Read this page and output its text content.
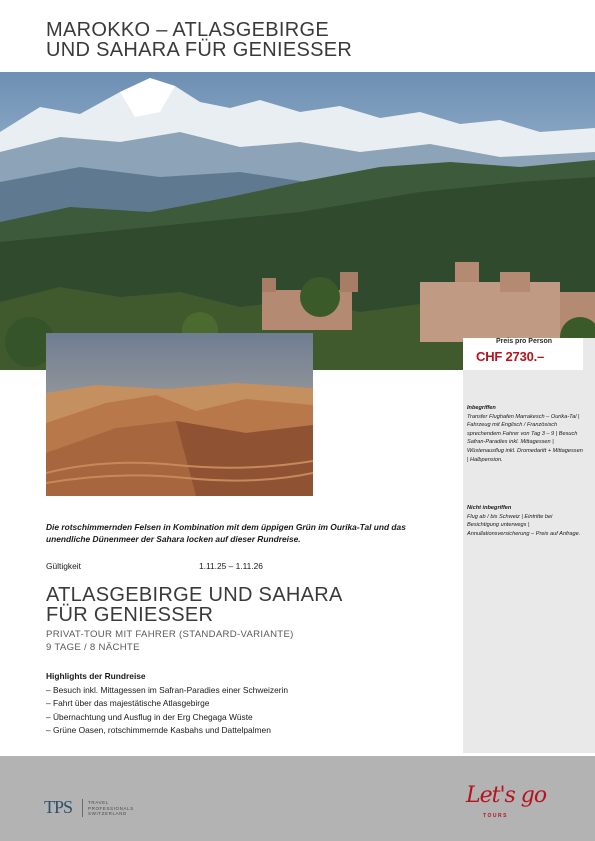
MAROKKO – ATLASGEBIRGE
UND SAHARA FÜR GENIESSER
Preis pro Person
CHF 2730.–
Inbegriffen
Transfer Flughafen Marrakesch – Ourika-Tal | Fahrzeug mit Englisch / Französisch sprechendem Fahrer von Tag 3 – 9 | Besuch Safran-Paradies inkl. Mittagessen | Wüstenausflug inkl. Dromedaritt + Mittagessen | Halbpension.
Nicht inbegriffen
Flug ab / bis Schweiz | Eintritte bei Besichtigung unterwegs | Annullationsversicherung – Preis auf Anfrage.
Die rotschimmernden Felsen in Kombination mit dem üppigen Grün im Ourika-Tal und das unendliche Dünenmeer der Sahara locken auf dieser Rundreise.
Gültigkeit	1.11.25 – 1.11.26
ATLASGEBIRGE UND SAHARA
FÜR GENIESSER
PRIVAT-TOUR MIT FAHRER (STANDARD-VARIANTE)
9 TAGE / 8 NÄCHTE
Highlights der Rundreise
– Besuch inkl. Mittagessen im Safran-Paradies einer Schweizerin
– Fahrt über das majestätische Atlasgebirge
– Übernachtung und Ausflug in der Erg Chegaga Wüste
– Grüne Oasen, rotschimmernde Kasbahs und Dattelpalmen
TPS	TRAVEL
PROFESSIONALS
SWITZERLAND
Let's go
TOURS
